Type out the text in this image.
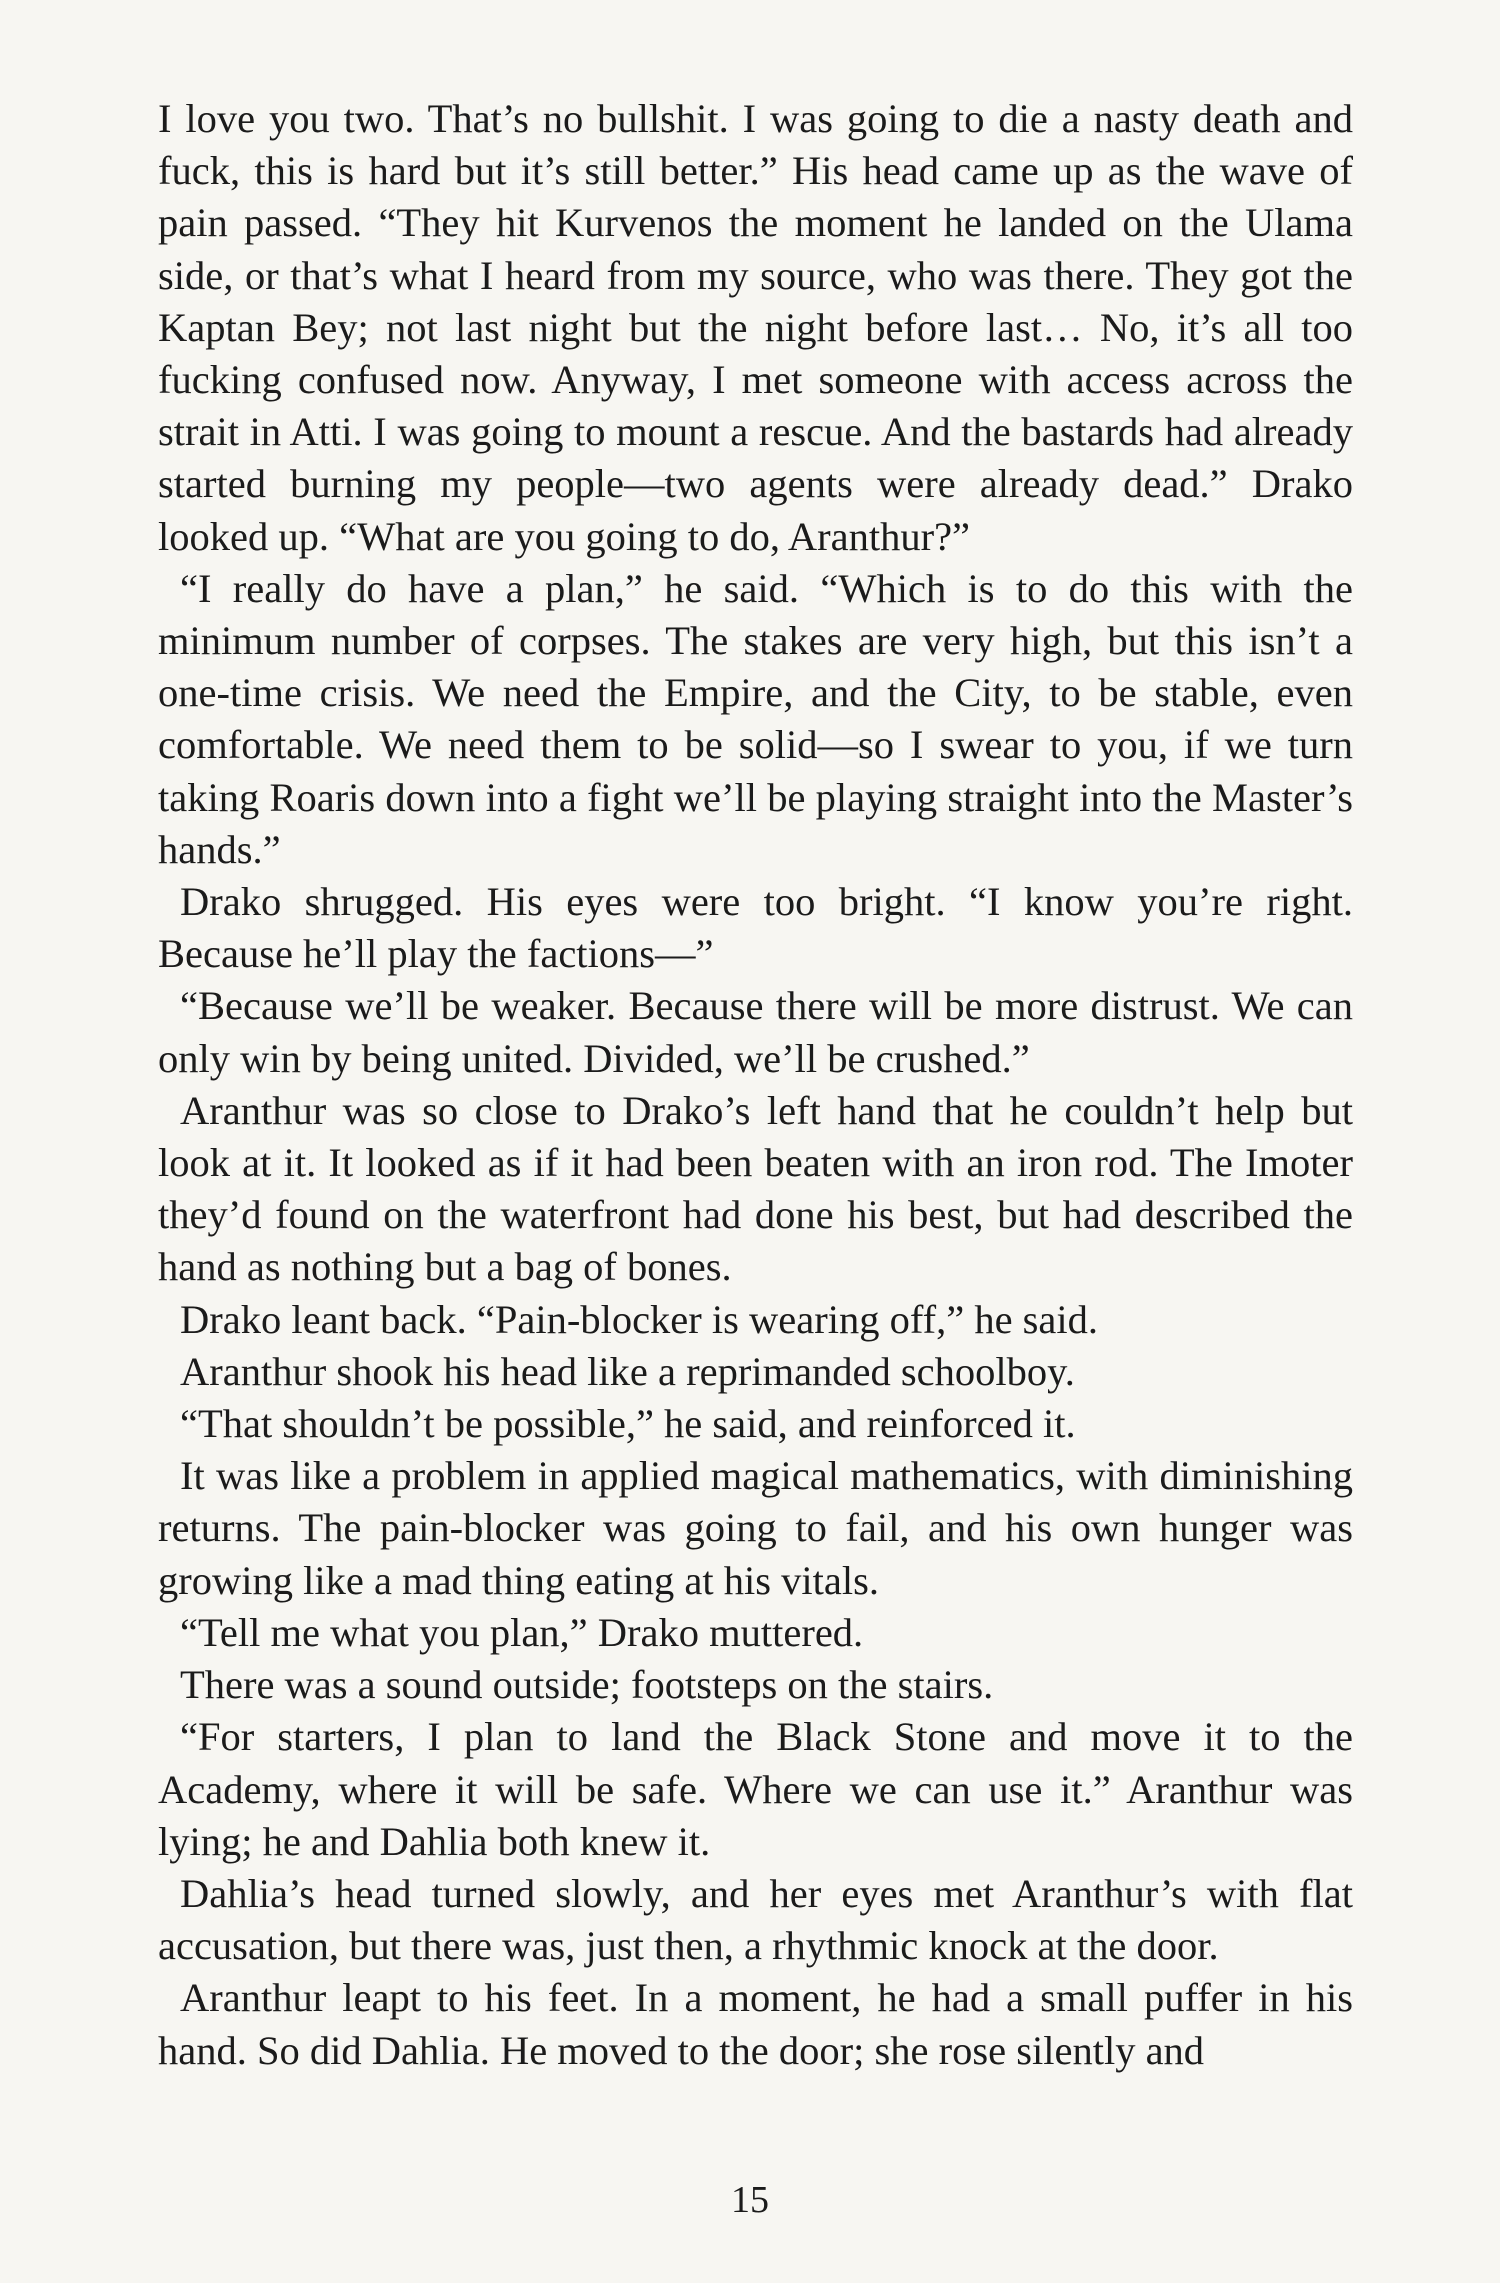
I love you two. That’s no bullshit. I was going to die a nasty death and fuck, this is hard but it’s still better.” His head came up as the wave of pain passed. “They hit Kurvenos the moment he landed on the Ulama side, or that’s what I heard from my source, who was there. They got the Kaptan Bey; not last night but the night before last… No, it’s all too fucking confused now. Anyway, I met someone with access across the strait in Atti. I was going to mount a rescue. And the bastards had already started burning my people—two agents were already dead.” Drako looked up. “What are you going to do, Aranthur?”

“I really do have a plan,” he said. “Which is to do this with the minimum number of corpses. The stakes are very high, but this isn’t a one-time crisis. We need the Empire, and the City, to be stable, even comfortable. We need them to be solid—so I swear to you, if we turn taking Roaris down into a fight we’ll be playing straight into the Master’s hands.”

Drako shrugged. His eyes were too bright. “I know you’re right. Because he’ll play the factions—”

“Because we’ll be weaker. Because there will be more distrust. We can only win by being united. Divided, we’ll be crushed.”

Aranthur was so close to Drako’s left hand that he couldn’t help but look at it. It looked as if it had been beaten with an iron rod. The Imoter they’d found on the waterfront had done his best, but had described the hand as nothing but a bag of bones.

Drako leant back. “Pain-blocker is wearing off,” he said.

Aranthur shook his head like a reprimanded schoolboy.

“That shouldn’t be possible,” he said, and reinforced it.

It was like a problem in applied magical mathematics, with diminishing returns. The pain-blocker was going to fail, and his own hunger was growing like a mad thing eating at his vitals.

“Tell me what you plan,” Drako muttered.

There was a sound outside; footsteps on the stairs.

“For starters, I plan to land the Black Stone and move it to the Academy, where it will be safe. Where we can use it.” Aranthur was lying; he and Dahlia both knew it.

Dahlia’s head turned slowly, and her eyes met Aranthur’s with flat accusation, but there was, just then, a rhythmic knock at the door.

Aranthur leapt to his feet. In a moment, he had a small puffer in his hand. So did Dahlia. He moved to the door; she rose silently and

15
